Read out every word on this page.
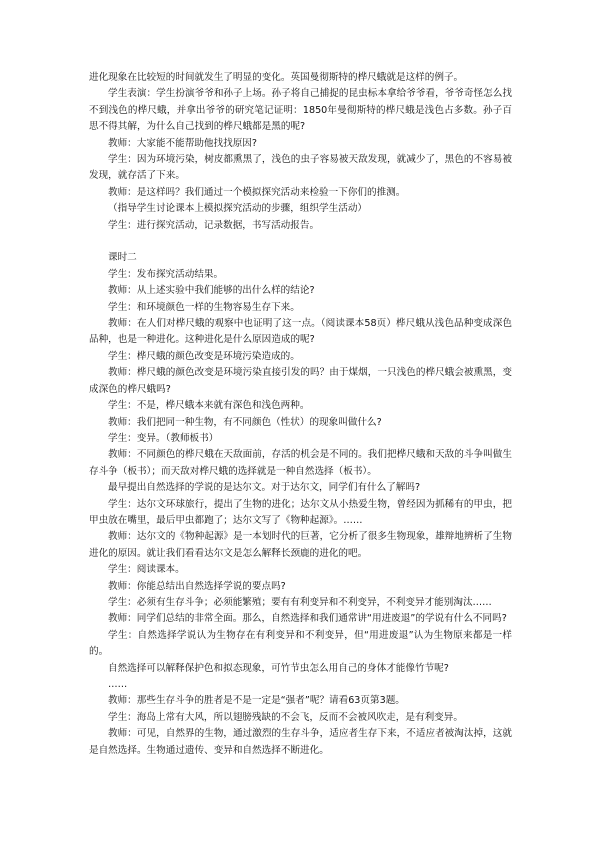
进化现象在比较短的时间就发生了明显的变化。英国曼彻斯特的桦尺蛾就是这样的例子。

学生表演：学生扮演爷爷和孙子上场。孙子将自己捕捉的昆虫标本拿给爷爷看，爷爷奇怪怎么找不到浅色的桦尺蛾，并拿出爷爷的研究笔记证明：1850年曼彻斯特的桦尺蛾是浅色占多数。孙子百思不得其解，为什么自己找到的桦尺蛾都是黑的呢?

教师：大家能不能帮助他找找原因?

学生：因为环境污染，树皮都熏黑了，浅色的虫子容易被天敌发现，就减少了，黑色的不容易被发现，就存活了下来。

教师：是这样吗？我们通过一个模拟探究活动来检验一下你们的推测。

（指导学生讨论课本上模拟探究活动的步骤，组织学生活动）

学生：进行探究活动，记录数据，书写活动报告。

课时二

学生：发布探究活动结果。

教师：从上述实验中我们能够的出什么样的结论?

学生：和环境颜色一样的生物容易生存下来。

教师：在人们对桦尺蛾的观察中也证明了这一点。（阅读课本58页）桦尺蛾从浅色品种变成深色品种，也是一种进化。这种进化是什么原因造成的呢?

学生：桦尺蛾的颜色改变是环境污染造成的。

教师：桦尺蛾的颜色改变是环境污染直接引发的吗？由于煤烟，一只浅色的桦尺蛾会被熏黑，变成深色的桦尺蛾吗?

学生：不是，桦尺蛾本来就有深色和浅色两种。

教师：我们把同一种生物，有不同颜色（性状）的现象叫做什么?

学生：变异。（教师板书）

教师：不同颜色的桦尺蛾在天敌面前，存活的机会是不同的。我们把桦尺蛾和天敌的斗争叫做生存斗争（板书）；而天敌对桦尺蛾的选择就是一种自然选择（板书）。

最早提出自然选择的学说的是达尔文。对于达尔文，同学们有什么了解吗?

学生：达尔文环球旅行，提出了生物的进化；达尔文从小热爱生物，曾经因为抓稀有的甲虫，把甲虫放在嘴里，最后甲虫都跑了；达尔文写了《物种起源》。……

教师：达尔文的《物种起源》是一本划时代的巨著，它分析了很多生物现象，雄辩地辨析了生物进化的原因。就让我们看看达尔文是怎么解释长颈鹿的进化的吧。

学生：阅读课本。

教师：你能总结出自然选择学说的要点吗?

学生：必须有生存斗争；必须能繁殖；要有有利变异和不利变异，不利变异才能别淘汰……

教师：同学们总结的非常全面。那么，自然选择和我们通常讲“用进废退”的学说有什么不同吗?

学生：自然选择学说认为生物存在有利变异和不利变异，但“用进废退”认为生物原来都是一样的。

自然选择可以解释保护色和拟态现象，可竹节虫怎么用自己的身体才能像竹节呢?

……

教师：那些生存斗争的胜者是不是一定是“强者”呢？请看63页第3题。

学生：海岛上常有大风，所以翅膀残缺的不会飞，反而不会被风吹走，是有利变异。

教师：可见，自然界的生物，通过激烈的生存斗争，适应者生存下来，不适应者被淘汰掉，这就是自然选择。生物通过遗传、变异和自然选择不断进化。
